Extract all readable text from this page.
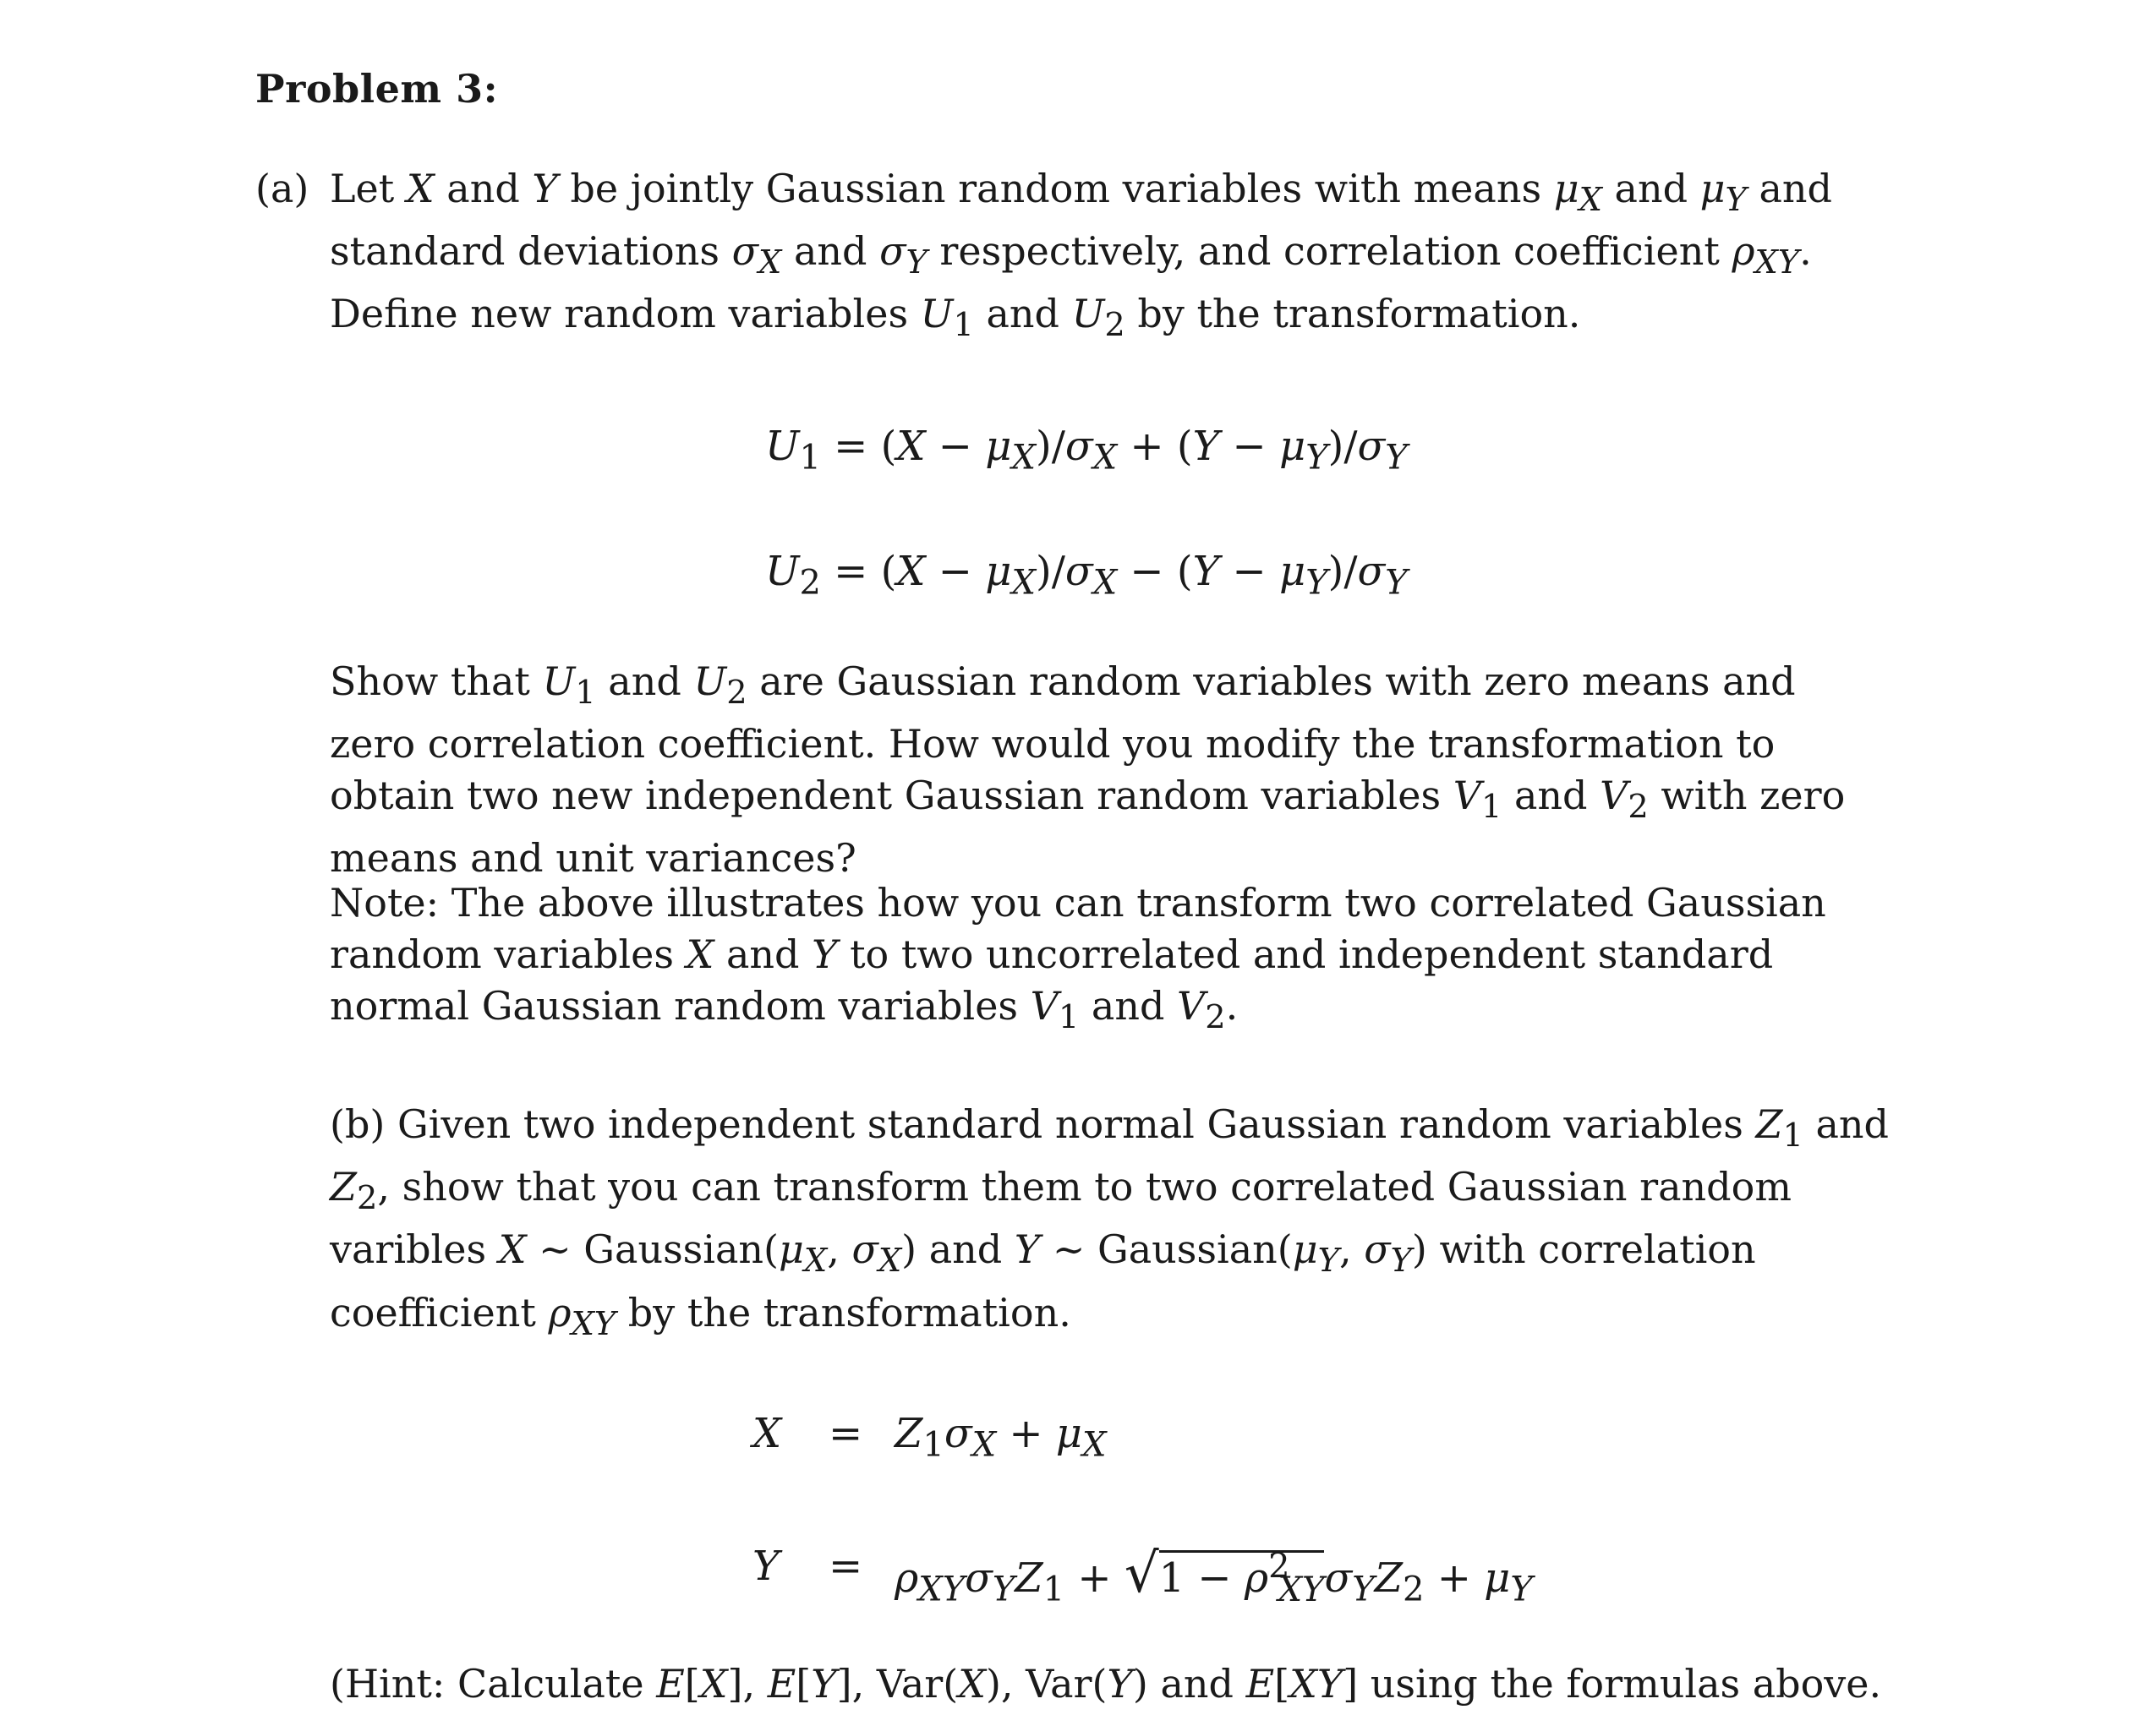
Problem 3:
(a) Let X and Y be jointly Gaussian random variables with means $\mu_X$ and $\mu_Y$ and standard deviations $\sigma_X$ and $\sigma_Y$ respectively, and correlation coefficient $\rho_{XY}$. Define new random variables $U_1$ and $U_2$ by the transformation.

$U_1 = (X - \mu_X)/\sigma_X + (Y - \mu_Y)/\sigma_Y$
$U_2 = (X - \mu_X)/\sigma_X - (Y - \mu_Y)/\sigma_Y$

Show that $U_1$ and $U_2$ are Gaussian random variables with zero means and zero correlation coefficient. How would you modify the transformation to obtain two new independent Gaussian random variables $V_1$ and $V_2$ with zero means and unit variances?

Note: The above illustrates how you can transform two correlated Gaussian random variables X and Y to two uncorrelated and independent standard normal Gaussian random variables $V_1$ and $V_2$.

(b) Given two independent standard normal Gaussian random variables $Z_1$ and $Z_2$, show that you can transform them to two correlated Gaussian random varibles X ∼ $Gaussian(\mu_X$, $\sigma_X$) and Y ∼ $Gaussian(\mu_Y$, $\sigma_Y$) with correlation coefficient $\rho_{XY}$ by the transformation.

$X = Z_1\sigma_X + \mu_X$
$Y = \rho_{XY}\sigma_YZ_1 + √1 - \rho^2_{XY}\sigma_YZ_2 + \mu_Y$

(Hint: Calculate E[X], E[Y], Var(X), Var(Y) and E[XY] using the formulas above.
